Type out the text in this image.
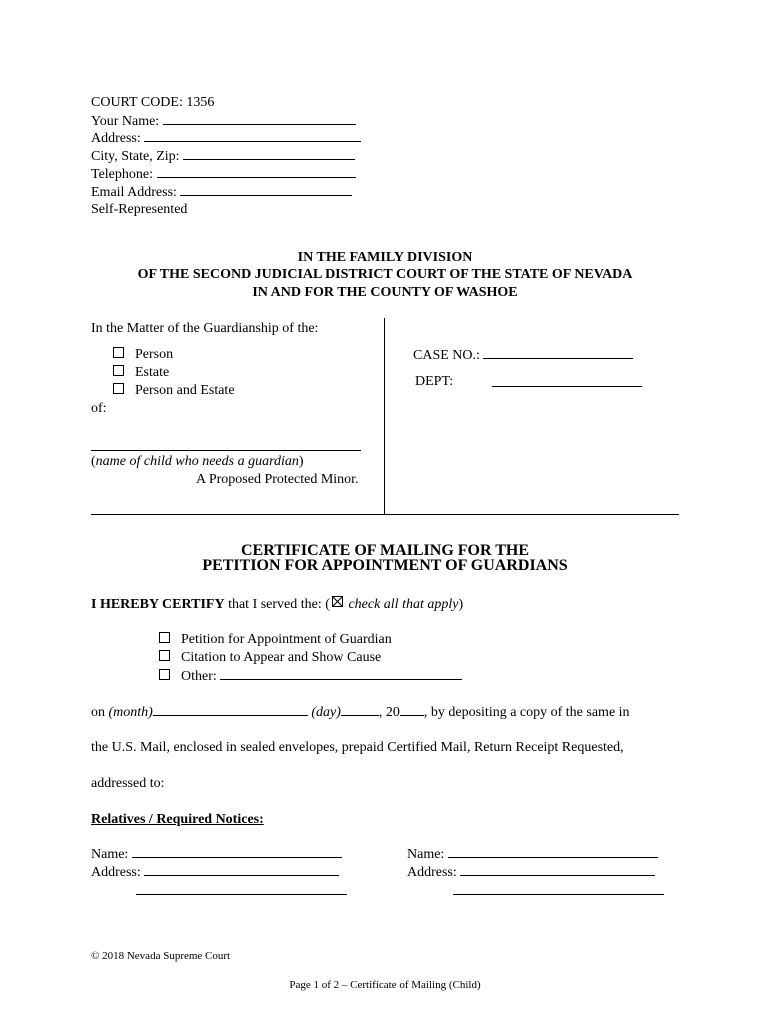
COURT CODE: 1356
Your Name:
Address:
City, State, Zip:
Telephone:
Email Address:
Self-Represented
IN THE FAMILY DIVISION
OF THE SECOND JUDICIAL DISTRICT COURT OF THE STATE OF NEVADA
IN AND FOR THE COUNTY OF WASHOE
In the Matter of the Guardianship of the:
Person
Estate
Person and Estate
of:
(name of child who needs a guardian)
A Proposed Protected Minor.
CASE NO.:
DEPT:
CERTIFICATE OF MAILING FOR THE
PETITION FOR APPOINTMENT OF GUARDIANS
I HEREBY CERTIFY that I served the: ( check all that apply)
Petition for Appointment of Guardian
Citation to Appear and Show Cause
Other:
on (month)	(day)	, 20 , by depositing a copy of the same in
the U.S. Mail, enclosed in sealed envelopes, prepaid Certified Mail, Return Receipt Requested,
addressed to:
Relatives / Required Notices:
Name:
Address:
Name:
Address:
© 2018 Nevada Supreme Court
Page 1 of 2 – Certificate of Mailing (Child)
